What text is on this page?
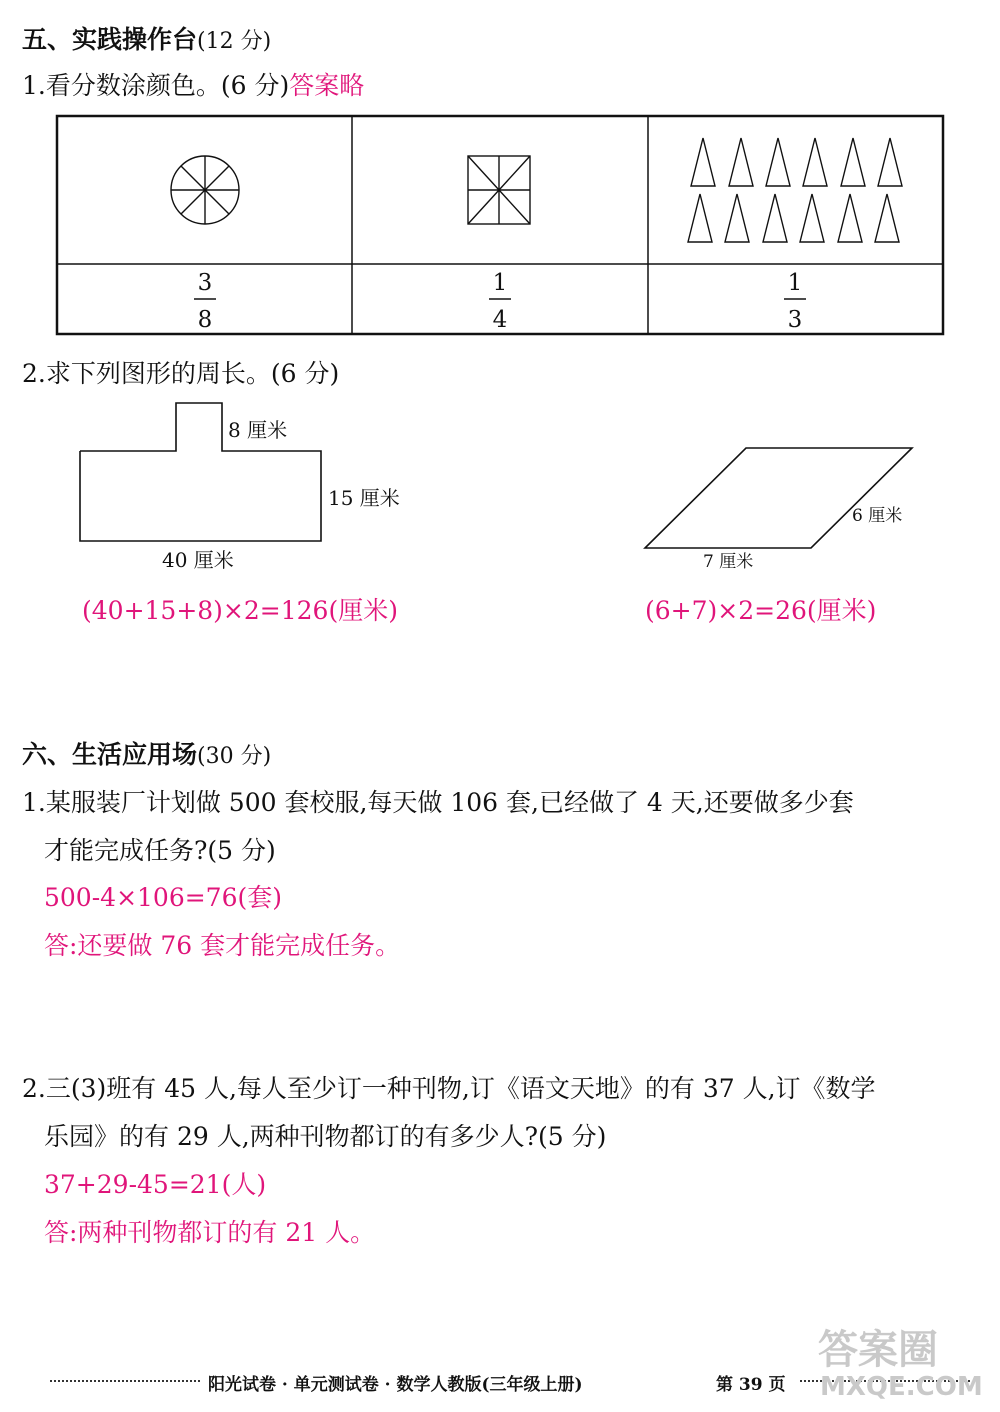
五、实践操作台(12 分)
1.看分数涂颜色。(6 分)答案略
3
8
1
4
1
3
2.求下列图形的周长。(6 分)
8 厘米
15 厘米
40 厘米
6 厘米
7 厘米
(40+15+8)×2=126(厘米)	(6+7)×2=26(厘米)
六、生活应用场(30 分)
1.某服装厂计划做 500 套校服,每天做 106 套,已经做了 4 天,还要做多少套
才能完成任务?(5 分)
500-4×106=76(套)
答:还要做 76 套才能完成任务。
2.三(3)班有 45 人,每人至少订一种刊物,订《语文天地》的有 37 人,订《数学
乐园》的有 29 人,两种刊物都订的有多少人?(5 分)
37+29-45=21(人)
答:两种刊物都订的有 21 人。
阳光试卷 · 单元测试卷 · 数学人教版(三年级上册)	第 39 页
答案圈
MXQE.COM
